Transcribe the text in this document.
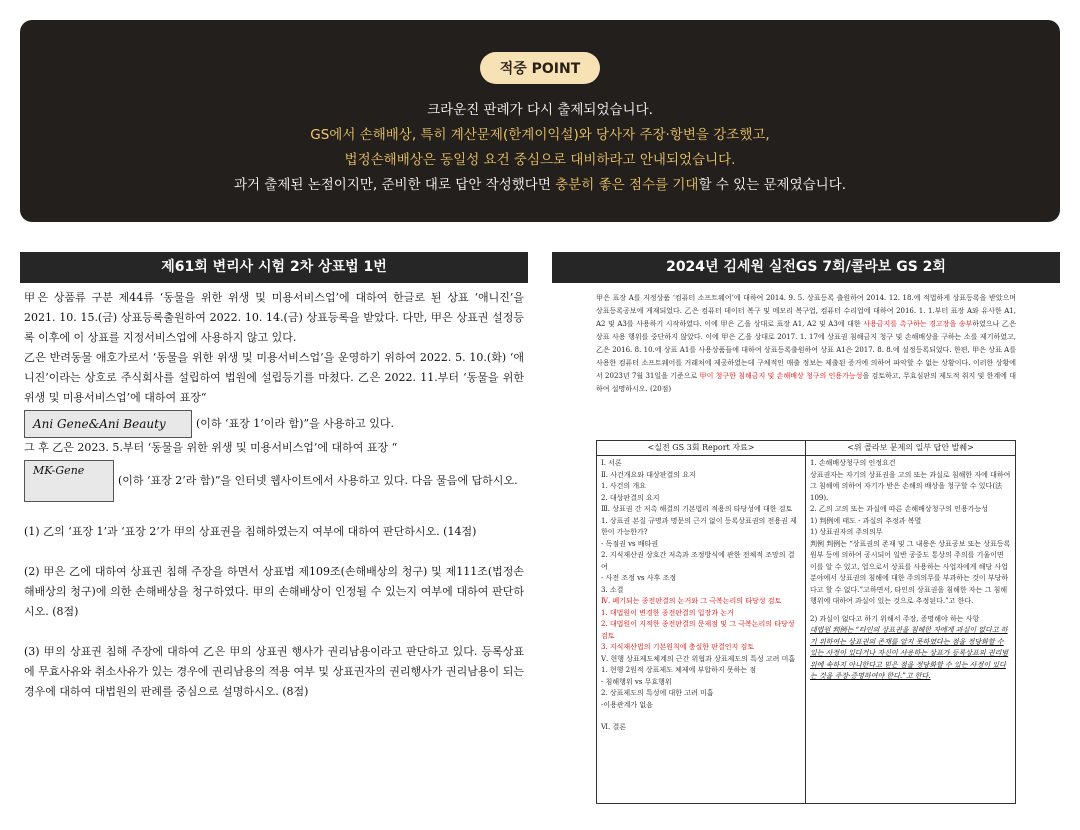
적중 POINT
크라운진 판례가 다시 출제되었습니다.
GS에서 손해배상, 특히 계산문제(한계이익설)와 당사자 주장·항변을 강조했고,
법정손해배상은 동일성 요건 중심으로 대비하라고 안내되었습니다.
과거 출제된 논점이지만, 준비한 대로 답안 작성했다면 충분히 좋은 점수를 기대할 수 있는 문제였습니다.
제61회 변리사 시험 2차 상표법 1번	2024년 김세원 실전GS 7회/콜라보 GS 2회

甲은 상품류 구분 제44류 ‘동물을 위한 위생 및 미용서비스업’에 대하여 한글로 된 상표 ‘애니진’을 2021. 10. 15.(금) 상표등록출원하여 2022. 10. 14.(금) 상표등록을 받았다. 다만, 甲은 상표권 설정등록 이후에 이 상표를 지정서비스업에 사용하지 않고 있다.

乙은 반려동물 애호가로서 ‘동물을 위한 위생 및 미용서비스업’을 운영하기 위하여 2022. 5. 10.(화) ‘애니진’이라는 상호로 주식회사를 설립하여 법원에 설립등기를 마쳤다. 乙은 2022. 11.부터 ‘동물을 위한 위생 및 미용서비스업’에 대하여 표장“

Ani Gene&Ani Beauty	(이하 ‘표장 1’이라 함)”을 사용하고 있다.

그 후 乙은 2023. 5.부터 ‘동물을 위한 위생 및 미용서비스업’에 대하여 표장 “

MK-Gene(이하 ‘표장 2’라 함)”을 인터넷 웹사이트에서 사용하고 있다. 다음 물음에 답하시오.

(1) 乙의 ‘표장 1’과 ‘표장 2’가 甲의 상표권을 침해하였는지 여부에 대하여 판단하시오. (14점)

(2) 甲은 乙에 대하여 상표권 침해 주장을 하면서 상표법 제109조(손해배상의 청구) 및 제111조(법정손해배상의 청구)에 의한 손해배상을 청구하였다. 甲의 손해배상이 인정될 수 있는지 여부에 대하여 판단하시오. (8점)

(3) 甲의 상표권 침해 주장에 대하여 乙은 甲의 상표권 행사가 권리남용이라고 판단하고 있다. 등록상표에 무효사유와 취소사유가 있는 경우에 권리남용의 적용 여부 및 상표권자의 권리행사가 권리남용이 되는 경우에 대하여 대법원의 판례를 중심으로 설명하시오. (8점)

甲은 표장 A를 지정상품 ‘컴퓨터 소프트웨어’에 대하여 2014. 9. 5. 상표등록 출원하여 2014. 12. 18.에 적법하게 상표등록을 받았으며 상표등록공보에 게재되었다. 乙은 컴퓨터 데이터 복구 및 메모리 복구업, 컴퓨터 수리업에 대하여 2016. 1. 1.부터 표장 A와 유사한 A1, A2 및 A3를 사용하기 시작하였다. 이에 甲은 乙을 상대로 표장 A1, A2 및 A3에 대한 사용금지를 촉구하는 경고장을 송부하였으나 乙은 상표 사용 행위를 중단하지 않았다. 이에 甲은 乙을 상대로 2017. 1. 17에 상표권 침해금지 청구 및 손해배상을 구하는 소를 제기하였고, 乙은 2016. 8. 10.에 상표 A1를 사용상품들에 대하여 상표등록출원하여 상표 A1은 2017. 8. 8.에 설정등록되었다. 한편, 甲은 상표 A를 사용한 컴퓨터 소프트웨어를 거래처에 제공하였는데 구체적인 매출 정보는 제출된 증거에 의하여 파악할 수 없는 상황이다. 이러한 상황에서 2023년 7월 31일을 기준으로 甲이 청구한 침해금지 및 손해배상 청구의 인용가능성을 검토하고, 무효심판의 제도적 취지 및 한계에 대하여 설명하시오. (20점)
<실전 GS 3회 Report 자료>
Ⅰ. 서론
Ⅱ. 사건개요와 대상판결의 요지
1. 사건의 개요
2. 대상판결의 요지
Ⅲ. 상표권 간 저촉 해결의 기본법리 적용의 타당성에 대한 검토
1. 상표권 본질 규명과 명문의 근거 없이 등록상표권의 전용권 제한이 가능한가?
- 독점권 vs 배타권
2. 지식재산권 상호간 저촉과 조정방식에 관한 전체적 조망의 결여
- 사전 조정 vs 사후 조정
3. 소결
Ⅳ. 폐기되는 종전판결의 논거와 그 극복논리의 타당성 검토
1. 대법원이 변경한 종전판결의 입장과 논거
2. 대법원이 지적한 종전판결의 문제점 및 그 극복논리의 타당성 검토
3. 지식재산법의 기본원칙에 충실한 판결인지 검토
Ⅴ. 현행 상표제도체계의 근간 위협과 상표제도의 특성 고려 미흡
1. 현행 2원적 상표제도 체제에 부합하지 못하는 점
- 침해행위 vs 무효행위
2. 상표제도의 특성에 대한 고려 미흡
-이용관계가 없음
Ⅵ. 결론
<위 콜라보 문제의 일부 답안 발췌>
1. 손해배상청구의 인정요건
상표권자는 자기의 상표권을 고의 또는 과실로 침해한 자에 대하여 그 침해에 의하여 자기가 받은 손해의 배상을 청구할 수 있다(法109).
2. 乙의 고의 또는 과실에 따른 손해배상청구의 인용가능성
1) 判例에 태도 - 과실의 추정과 복멸
1) 상표권자의 주의의무
判例 判例는 “상표권의 존재 및 그 내용은 상표공보 또는 상표등록원부 등에 의하여 공시되어 일반 공중도 통상의 주의를 기울이면 이를 알 수 있고, 업으로서 상표를 사용하는 사업자에게 해당 사업 분야에서 상표권의 침해에 대한 주의의무를 부과하는 것이 부당하다고 할 수 없다.”고하면서, 타인의 상표권을 침해한 자는 그 침해행위에 대하여 과실이 있는 것으로 추정된다.”고 한다.
2) 과실이 없다고 하기 위해서 주장, 증명해야 하는 사항
대법원 判例는 “타인의 상표권을 침해한 자에게 과실이 없다고 하기 위하여는 상표권의 존재를 알지 못하였다는 점을 정당화할 수 있는 사정이 있다거나 자신이 사용하는 상표가 등록상표의 권리범위에 속하지 아니한다고 믿은 점을 정당화할 수 있는 사정이 있다는 것을 주장·증명하여야 한다.”고 한다.
